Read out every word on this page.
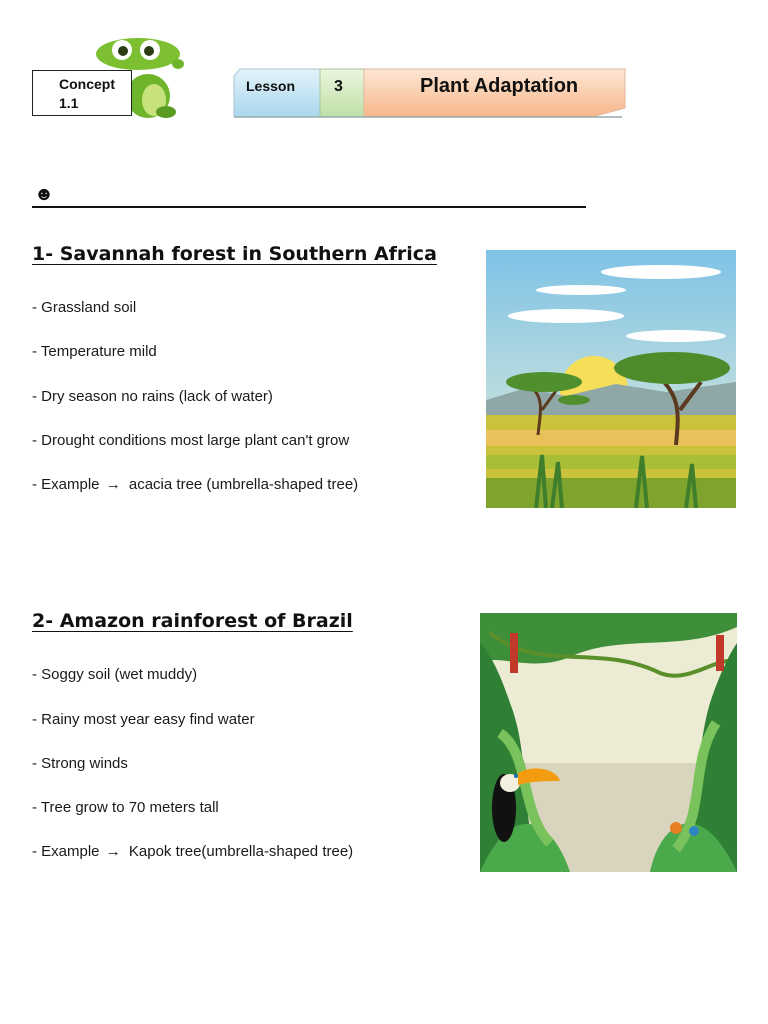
Concept
1.1
Lesson 3	Plant Adaptation
☻
1- Savannah forest in Southern Africa
- Grassland soil
- Temperature mild
- Dry season no rains (lack of water)
- Drought conditions most large plant can't grow
- Example → acacia tree (umbrella-shaped tree)
2- Amazon rainforest of Brazil
- Soggy soil (wet muddy)
- Rainy most year easy find water
- Strong winds
- Tree grow to 70 meters tall
- Example → Kapok tree(umbrella-shaped tree)
